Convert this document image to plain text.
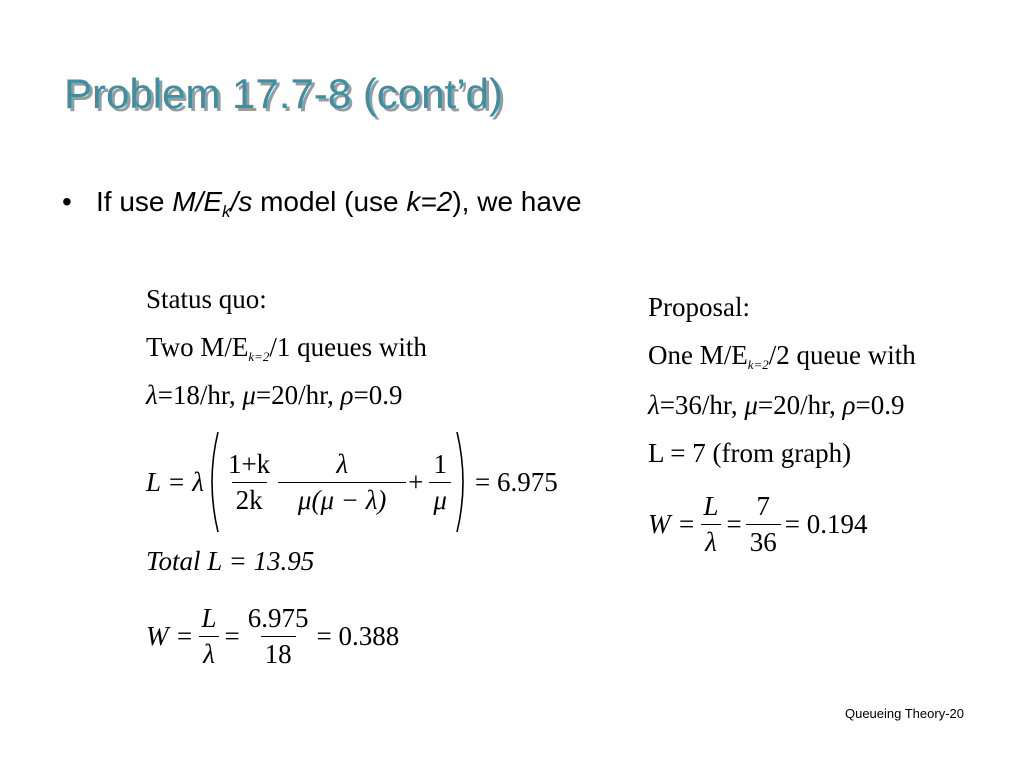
Problem 17.7-8 (cont’d)
• If use $M/E_k/s$ model (use k=2), we have
Status quo:
Two $M/E_{k=2}/1$ queues with
λ=18/hr, μ=20/hr, ρ=0.9
L = λ $\frac{1+k}{2k} \frac{\lambda}{\mu(\mu - \lambda)} + \frac{1}{\mu} = 6.975$
Total L = 13.95
$W = \frac{L}{\lambda} = \frac{6.975}{18} = 0.388$
Proposal:
One $M/E_{k=2}/2$ queue with
λ=36/hr, μ=20/hr, ρ=0.9
L = 7 (from graph)
$W = \frac{L}{\lambda} = \frac{7}{36} = 0.194$
Queueing Theory-20
